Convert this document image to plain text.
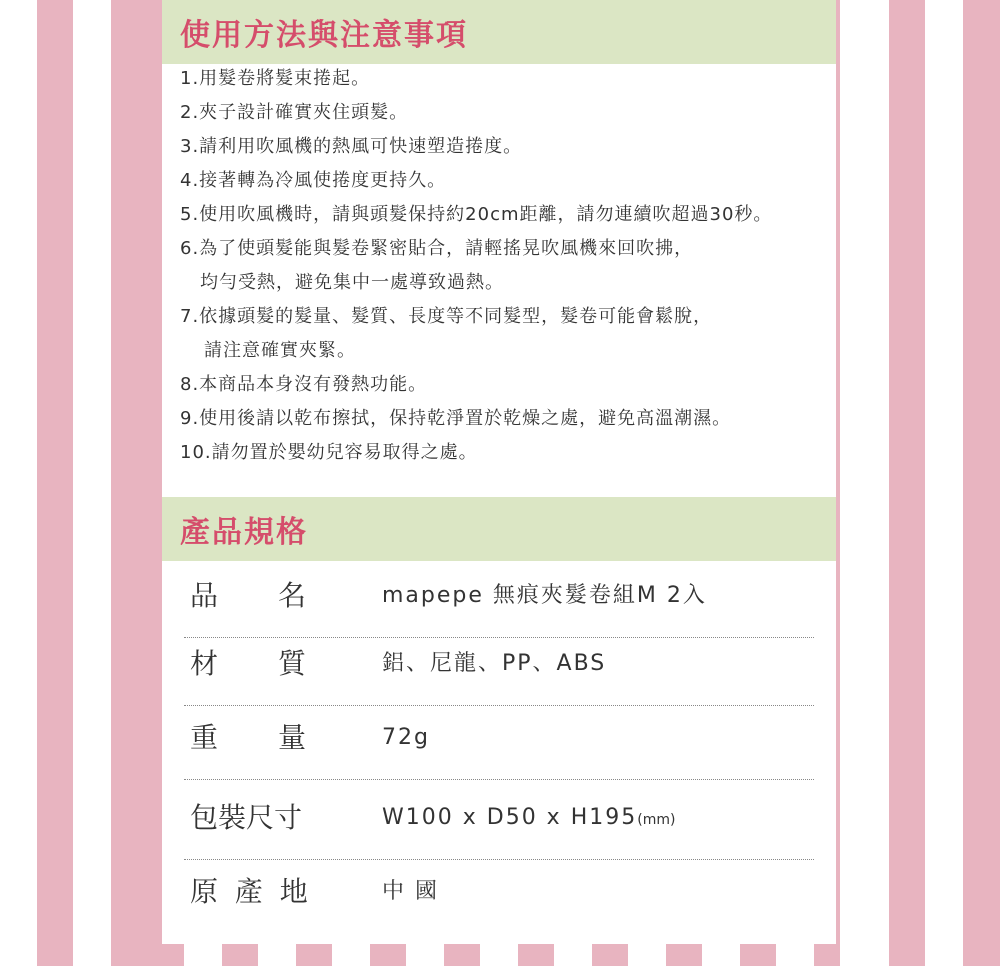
使用方法與注意事項
1.用髮卷將髮束捲起。
2.夾子設計確實夾住頭髮。
3.請利用吹風機的熱風可快速塑造捲度。
4.接著轉為冷風使捲度更持久。
5.使用吹風機時，請與頭髮保持約20cm距離，請勿連續吹超過30秒。
6.為了使頭髮能與髮卷緊密貼合，請輕搖晃吹風機來回吹拂，
均勻受熱，避免集中一處導致過熱。
7.依據頭髮的髮量、髮質、長度等不同髮型，髮卷可能會鬆脫，
請注意確實夾緊。
8.本商品本身沒有發熱功能。
9.使用後請以乾布擦拭，保持乾淨置於乾燥之處，避免高溫潮濕。
10.請勿置於嬰幼兒容易取得之處。
產品規格
品　名	mapepe 無痕夾髮卷組M 2入
材　質	鋁、尼龍、PP、ABS
重　量	72g
包裝尺寸	W100 x D50 x H195(mm)
原 產 地	中 國
